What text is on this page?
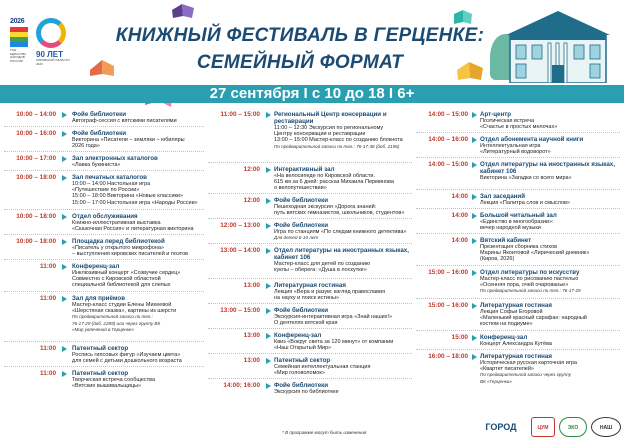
2026
ГОД ЕДИНСТВА НАРОДОВ РОССИИ
90 ЛЕТ
КИРОВСКОЙ ОБЛАСТИ 2026
КНИЖНЫЙ ФЕСТИВАЛЬ В ГЕРЦЕНКЕ:
СЕМЕЙНЫЙ ФОРМАТ
27 сентября I с 10 до 18 I 6+
10:00 – 14:00	Фойе библиотеки
Автограф-сессия с вятскими писателями
10:00 – 16:00	Фойе библиотеки
Викторина «Писатели – земляки – юбиляры
2026 года»
10:00 – 17:00	Зал электронных каталогов
«Лавка букиниста»
10:00 – 18:00	Зал печатных каталогов
10:00 – 14:00 Настольная игра
«Путешествие по России»
15:00 – 18:00 Викторина «Новые классики»
15:00 – 17:00 Настольная игра «Народы России»
10:00 – 18:00	Отдел обслуживания
Книжно-иллюстративная выставка
«Сказочная Россия» и литературная викторина
10:00 – 18:00	Площадка перед библиотекой
«Писатель у открытого микрофона»
– выступления кировских писателей и поэтов
11:00	Конференц-зал
Инклюзивный концерт «Созвучие сердец»
Совместно с Кировской областной
специальной библиотекой для слепых
11:00	Зал для приёмов
Мастер-класс студии Елены Михеевой
«Шерстяная сказка», картины из шерсти
По предварительной записи по тел.:
76-17-29 (доб. 2289) или через группу ВК
«Мир увлечений в Герценке»
11:00	Патентный сектор
Роспись гипсовых фигур «Изучаем цвета»
для семей с детьми дошкольного возраста
11:00	Патентный сектор
Творческая встреча сообщества
«Вятские вышивальщицы»
11:00 – 15:00 Региональный Центр консервации и реставрации
11:00 – 12:30 Экскурсия по региональному
Центру консервации и реставрации
13:00 – 15:00 Мастер-класс по созданию блокнота
По предварительной записи по тел.: 76-17-38 (доб. 2196)
12:00 Интерактивный зал
«На велосипеде по Кировской области.
615 км за 6 дней: рассказ Михаила Перминова
о велопутешествии»
12:00 Фойе библиотеки
Пешеходная экскурсия «Дорога знаний:
путь вятских гимназистов, школьников, студентов»
12:00 – 13:00 Фойе библиотеки
Игра по станциям «По следам книжного детектива»
Для детей 6-10 лет
13:00 – 14:00 Отдел литературы на иностранных языках, кабинет 106
Мастер-класс для детей по созданию
куклы – оберега: «Душа в лоскутке»
13:00 Литературная гостиная
Лекция «Вера и разум: взгляд православия
на науку и поиск истины»
13:00 – 15:00 Фойе библиотеки
Экскурсия-интерактивная игра «Знай наших!»
О деятелях вятской края
13:00 Конференц-зал
Квиз «Вокруг света за 120 минут» от компании
«Наш Открытый Мир»
13:00 Патентный сектор
Семейная интеллектуальная станция
«Мир головоломок»
14:00; 16:00 Фойе библиотеки
Экскурсия по библиотеке
14:00 – 15:00 Арт-центр
Поэтическая встреча
«Счастье в простых мелочах»
14:00 – 16:00 Отдел абонемента научной книги
Интеллектуальная игра
«Литературный водоворот»
14:00 – 15:00 Отдел литературы на иностранных языках, кабинет 106
Викторина «Загадки со всего мира»
14:00 Зал заседаний
Лекция «Палитра слов и смыслов»
14:00 Большой читальный зал
«Единство в многообразии»:
вечер народной музыки
14:00 Вятский кабинет
Презентация сборника стихов
Марины Якоитовой «Лирический дневник»
(Киров, 2026)
15:00 – 16:00 Отдел литературы по искусству
Мастер-класс по рисованию пастелью
«Осенняя пора, очей очарованье»
По предварительной записи по тел.: 76-17-29
15:00 – 16:00 Литературная гостиная
Лекция Софьи Егоровой
«Маленький красный сарафан: народный
костюм на подиуме»
15:00 Конференц-зал
Концерт Александра Кутёва
16:00 – 18:00 Литературная гостиная
Историческая русская карточная игра
«Квартет писателей»
По предварительной записи через группу
ВК «Герценка»
* В программе могут быть изменения
ГОРОД	ЦУМ	ЭКО	НАШ
